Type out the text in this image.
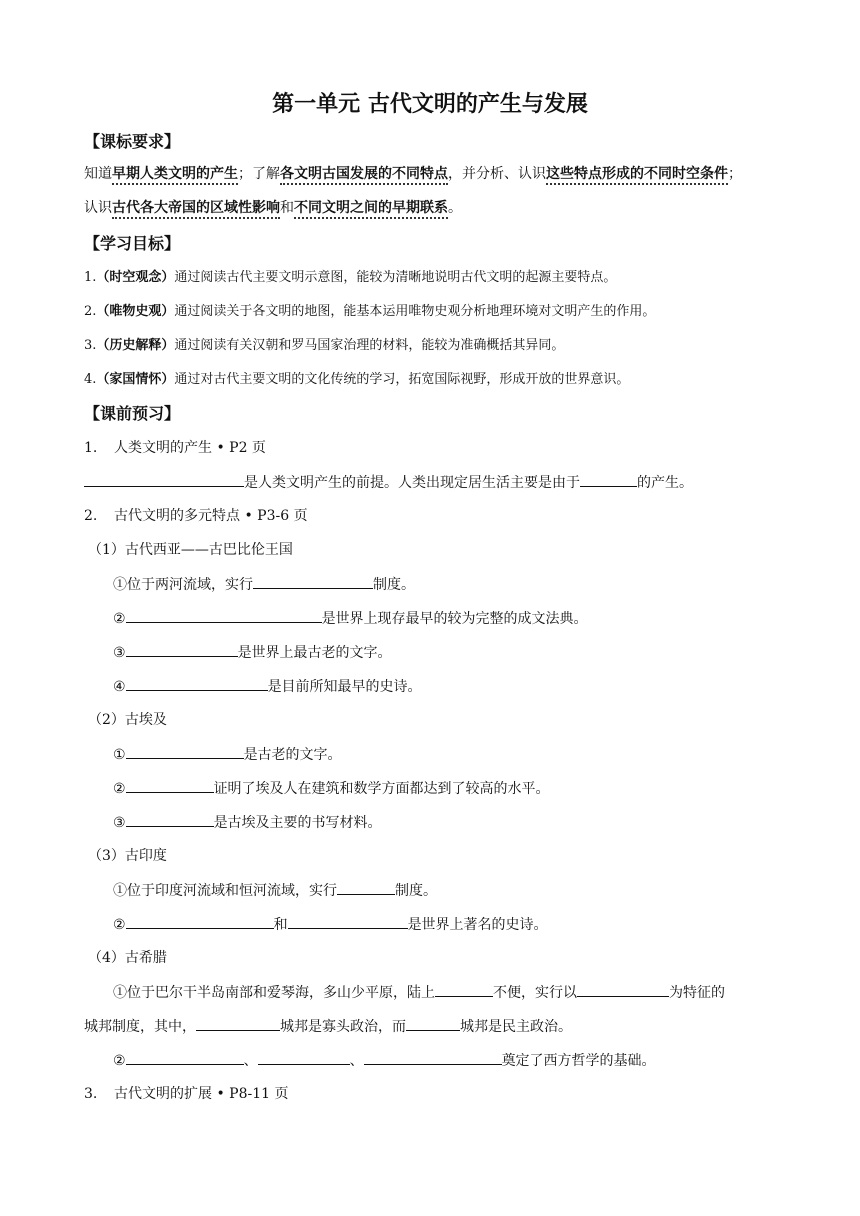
第一单元 古代文明的产生与发展
【课标要求】
知道早期人类文明的产生；了解各文明古国发展的不同特点，并分析、认识这些特点形成的不同时空条件；
认识古代各大帝国的区域性影响和不同文明之间的早期联系。
【学习目标】
1.（时空观念）通过阅读古代主要文明示意图，能较为清晰地说明古代文明的起源主要特点。
2.（唯物史观）通过阅读关于各文明的地图，能基本运用唯物史观分析地理环境对文明产生的作用。
3.（历史解释）通过阅读有关汉朝和罗马国家治理的材料，能较为准确概括其异同。
4.（家国情怀）通过对古代主要文明的文化传统的学习，拓宽国际视野，形成开放的世界意识。
【课前预习】
1. 人类文明的产生 • P2 页
是人类文明产生的前提。人类出现定居生活主要是由于	的产生。
2. 古代文明的多元特点 • P3-6 页
（1）古代西亚——古巴比伦王国
①位于两河流域，实行	制度。
②	是世界上现存最早的较为完整的成文法典。
③	是世界上最古老的文字。
④	是目前所知最早的史诗。
（2）古埃及
①	是古老的文字。
②	证明了埃及人在建筑和数学方面都达到了较高的水平。
③	是古埃及主要的书写材料。
（3）古印度
①位于印度河流域和恒河流域，实行	制度。
②	和	是世界上著名的史诗。
（4）古希腊
①位于巴尔干半岛南部和爱琴海，多山少平原，陆上	不便，实行以	为特征的
城邦制度，其中，	城邦是寡头政治，而	城邦是民主政治。
②	、	、	奠定了西方哲学的基础。
3. 古代文明的扩展 • P8-11 页
